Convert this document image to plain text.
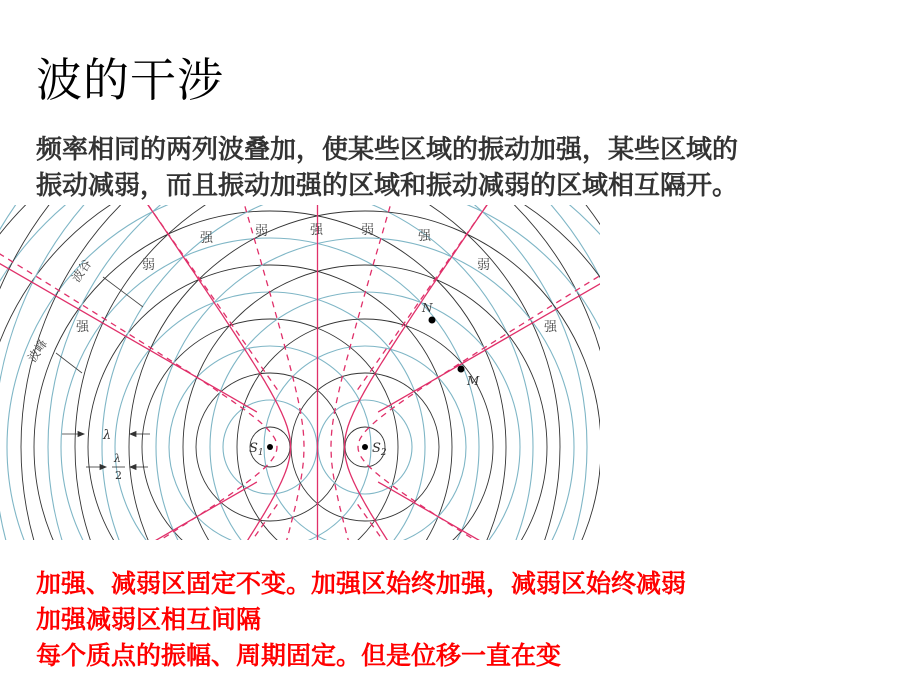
波的干涉
频率相同的两列波叠加，使某些区域的振动加强，某些区域的
振动减弱，而且振动加强的区域和振动减弱的区域相互隔开。
N
M
$S_1$	$S_2$
强	弱	强	弱	强
弱	弱
强	强
波谷
波峰
λ
λ
2
加强、减弱区固定不变。加强区始终加强，减弱区始终减弱
加强减弱区相互间隔
每个质点的振幅、周期固定。但是位移一直在变
